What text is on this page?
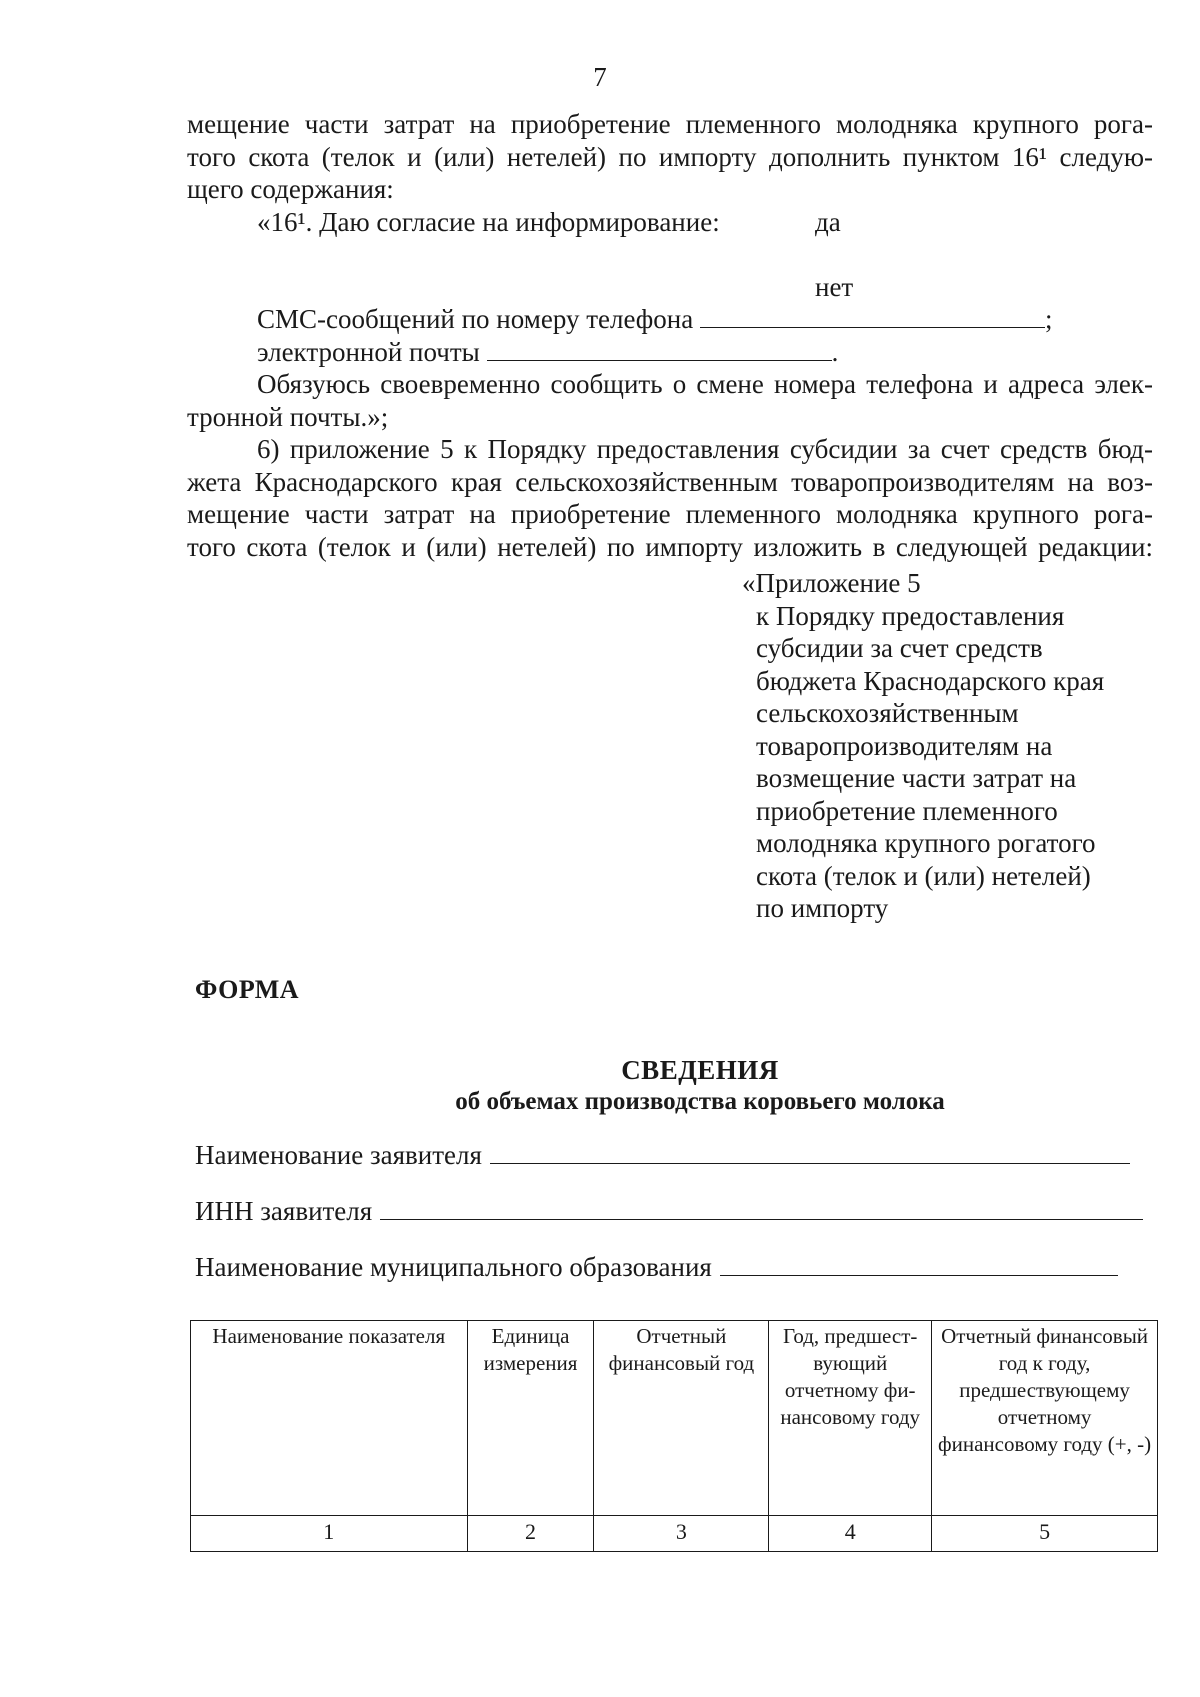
7
мещение части затрат на приобретение племенного молодняка крупного рога-
того скота (телок и (или) нетелей) по импорту дополнить пунктом 16¹ следую-
щего содержания:
«16¹. Даю согласие на информирование:	да
нет
СМС-сообщений по номеру телефона	;
электронной почты	.
Обязуюсь своевременно сообщить о смене номера телефона и адреса элек-
тронной почты.»;
6) приложение 5 к Порядку предоставления субсидии за счет средств бюд-
жета Краснодарского края сельскохозяйственным товаропроизводителям на воз-
мещение части затрат на приобретение племенного молодняка крупного рога-
того скота (телок и (или) нетелей) по импорту изложить в следующей редакции:
«Приложение 5
к Порядку предоставления
субсидии за счет средств
бюджета Краснодарского края
сельскохозяйственным
товаропроизводителям на
возмещение части затрат на
приобретение племенного
молодняка крупного рогатого
скота (телок и (или) нетелей)
по импорту
ФОРМА
СВЕДЕНИЯ
об объемах производства коровьего молока
Наименование заявителя
ИНН заявителя
Наименование муниципального образования
Наименование показателя	Единица измерения	Отчетный финансовый год	Год, предшест-вующий отчетному фи-нансовому году	Отчетный финансовый год к году, предшествующему отчетному финансовому году (+, -)
1	2	3	4	5
